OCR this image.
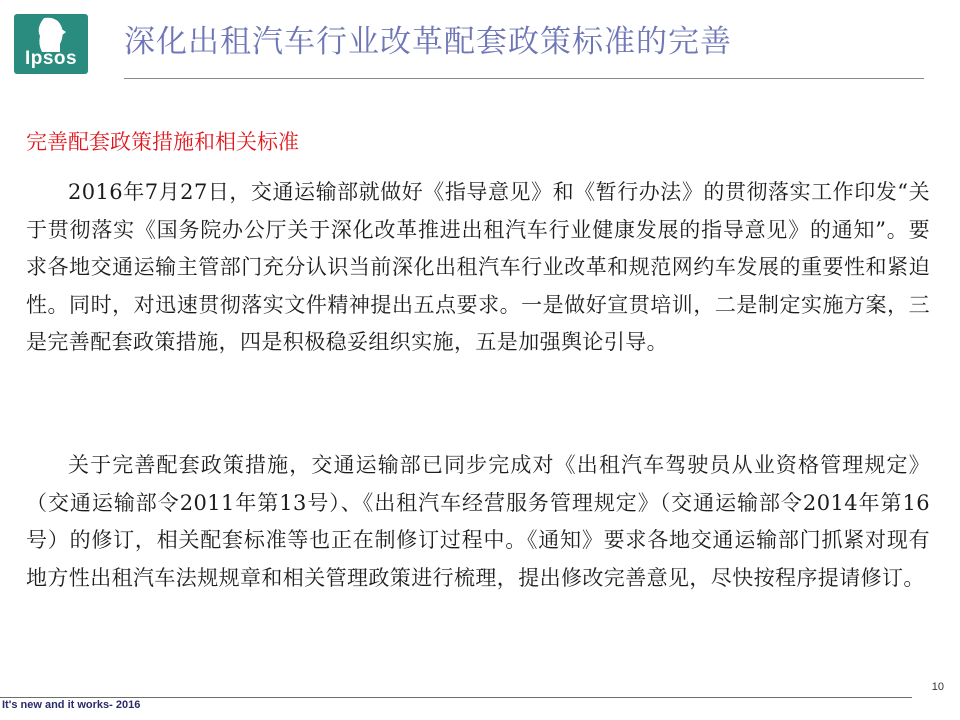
Ipsos	深化出租汽车行业改革配套政策标准的完善
完善配套政策措施和相关标准

2016年7月27日，交通运输部就做好《指导意见》和《暂行办法》的贯彻落实工作印发“关于贯彻落实《国务院办公厅关于深化改革推进出租汽车行业健康发展的指导意见》的通知”。要求各地交通运输主管部门充分认识当前深化出租汽车行业改革和规范网约车发展的重要性和紧迫性。同时，对迅速贯彻落实文件精神提出五点要求。一是做好宣贯培训，二是制定实施方案，三是完善配套政策措施，四是积极稳妥组织实施，五是加强舆论引导。

关于完善配套政策措施，交通运输部已同步完成对《出租汽车驾驶员从业资格管理规定》（交通运输部令2011年第13号）、《出租汽车经营服务管理规定》（交通运输部令2014年第16号）的修订，相关配套标准等也正在制修订过程中。《通知》要求各地交通运输部门抓紧对现有地方性出租汽车法规规章和相关管理政策进行梳理，提出修改完善意见，尽快按程序提请修订。

10
It's new and it works- 2016
